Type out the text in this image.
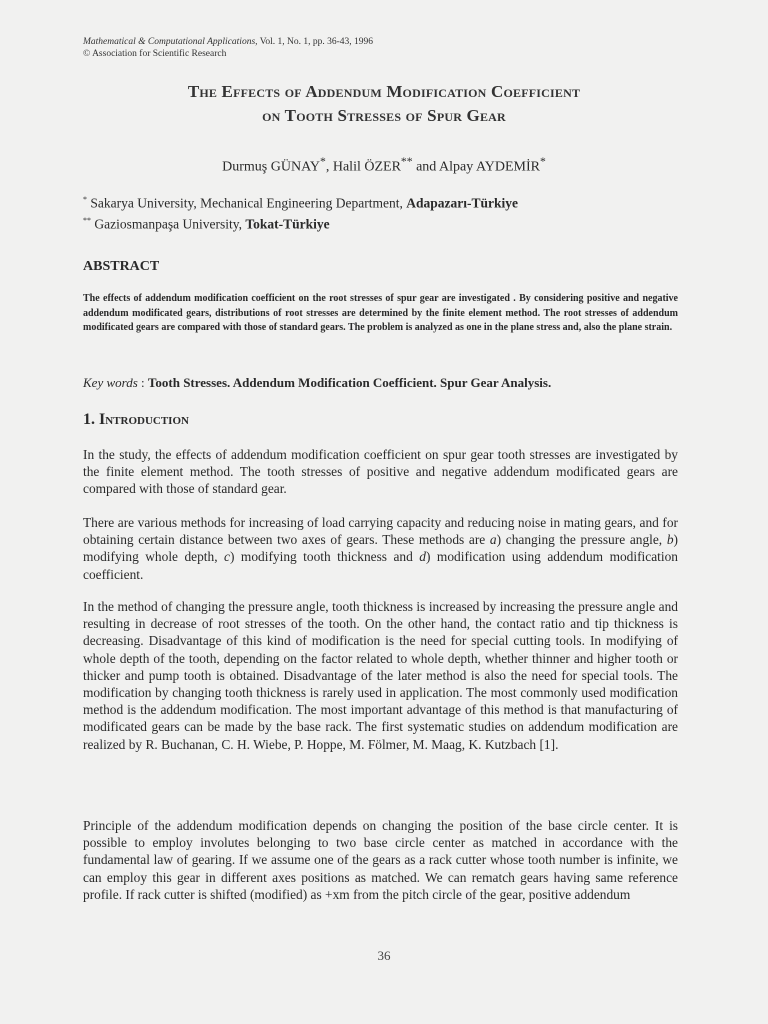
Mathematical & Computational Applications, Vol. 1, No. 1, pp. 36-43, 1996
© Association for Scientific Research
The Effects of Addendum Modification Coefficient
on Tooth Stresses of Spur Gear
Durmuş GÜNAY*, Halil ÖZER** and Alpay AYDEMİR*
* Sakarya University, Mechanical Engineering Department, Adapazarı-Türkiye
** Gaziosmanpaşa University, Tokat-Türkiye
ABSTRACT
The effects of addendum modification coefficient on the root stresses of spur gear are investigated . By considering positive and negative addendum modificated gears, distributions of root stresses are determined by the finite element method. The root stresses of addendum modificated gears are compared with those of standard gears. The problem is analyzed as one in the plane stress and, also the plane strain.
Key words : Tooth Stresses. Addendum Modification Coefficient. Spur Gear Analysis.
1. Introduction
In the study, the effects of addendum modification coefficient on spur gear tooth stresses are investigated by the finite element method. The tooth stresses of positive and negative addendum modificated gears are compared with those of standard gear.
There are various methods for increasing of load carrying capacity and reducing noise in mating gears, and for obtaining certain distance between two axes of gears. These methods are a) changing the pressure angle, b) modifying whole depth, c) modifying tooth thickness and d) modification using addendum modification coefficient.
In the method of changing the pressure angle, tooth thickness is increased by increasing the pressure angle and resulting in decrease of root stresses of the tooth. On the other hand, the contact ratio and tip thickness is decreasing. Disadvantage of this kind of modification is the need for special cutting tools. In modifying of whole depth of the tooth, depending on the factor related to whole depth, whether thinner and higher tooth or thicker and pump tooth is obtained. Disadvantage of the later method is also the need for special tools. The modification by changing tooth thickness is rarely used in application. The most commonly used modification method is the addendum modification. The most important advantage of this method is that manufacturing of modificated gears can be made by the base rack. The first systematic studies on addendum modification are realized by R. Buchanan, C. H. Wiebe, P. Hoppe, M. Fölmer, M. Maag, K. Kutzbach [1].
Principle of the addendum modification depends on changing the position of the base circle center. It is possible to employ involutes belonging to two base circle center as matched in accordance with the fundamental law of gearing. If we assume one of the gears as a rack cutter whose tooth number is infinite, we can employ this gear in different axes positions as matched. We can rematch gears having same reference profile. If rack cutter is shifted (modified) as +xm from the pitch circle of the gear, positive addendum
36
